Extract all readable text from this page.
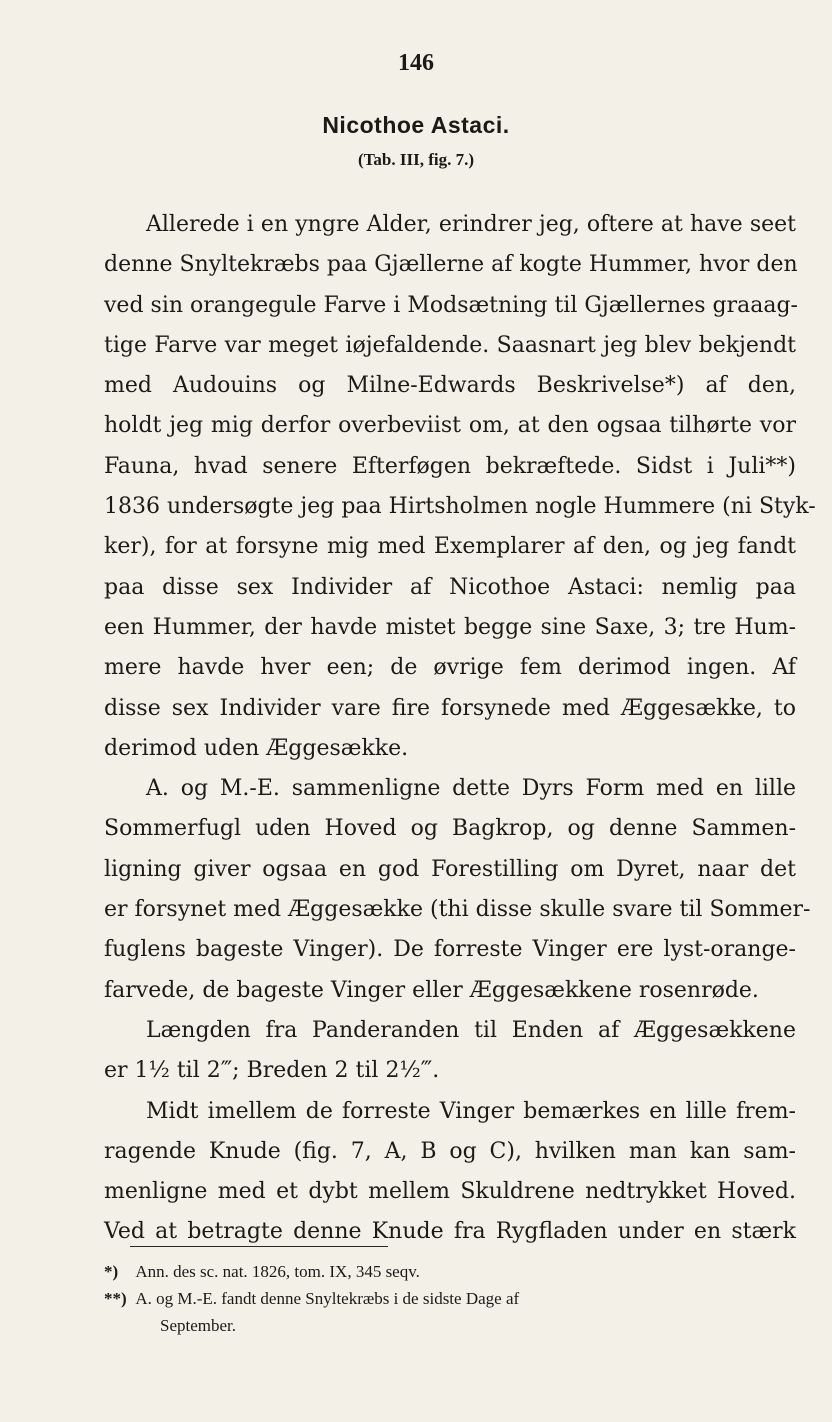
146
Nicothoe Astaci.
(Tab. III, fig. 7.)
Allerede i en yngre Alder, erindrer jeg, oftere at have seet
denne Snyltekræbs paa Gjællerne af kogte Hummer, hvor den
ved sin orangegule Farve i Modsætning til Gjællernes graaag-
tige Farve var meget iøjefaldende. Saasnart jeg blev bekjendt
med Audouins og Milne-Edwards Beskrivelse*) af den,
holdt jeg mig derfor overbeviist om, at den ogsaa tilhørte vor
Fauna, hvad senere Efterføgen bekræftede. Sidst i Juli**)
1836 undersøgte jeg paa Hirtsholmen nogle Hummere (ni Styk-
ker), for at forsyne mig med Exemplarer af den, og jeg fandt
paa disse sex Individer af Nicothoe Astaci: nemlig paa
een Hummer, der havde mistet begge sine Saxe, 3; tre Hum-
mere havde hver een; de øvrige fem derimod ingen. Af
disse sex Individer vare fire forsynede med Æggesække, to
derimod uden Æggesække.
A. og M.-E. sammenligne dette Dyrs Form med en lille
Sommerfugl uden Hoved og Bagkrop, og denne Sammen-
ligning giver ogsaa en god Forestilling om Dyret, naar det
er forsynet med Æggesække (thi disse skulle svare til Sommer-
fuglens bageste Vinger). De forreste Vinger ere lyst-orange-
farvede, de bageste Vinger eller Æggesækkene rosenrøde.
Længden fra Panderanden til Enden af Æggesækkene
er 1½ til 2‴; Breden 2 til 2½‴.
Midt imellem de forreste Vinger bemærkes en lille frem-
ragende Knude (fig. 7, A, B og C), hvilken man kan sam-
menligne med et dybt mellem Skuldrene nedtrykket Hoved.
Ved at betragte denne Knude fra Rygfladen under en stærk
*) Ann. des sc. nat. 1826, tom. IX, 345 seqv.
**) A. og M.-E. fandt denne Snyltekræbs i de sidste Dage af
September.
